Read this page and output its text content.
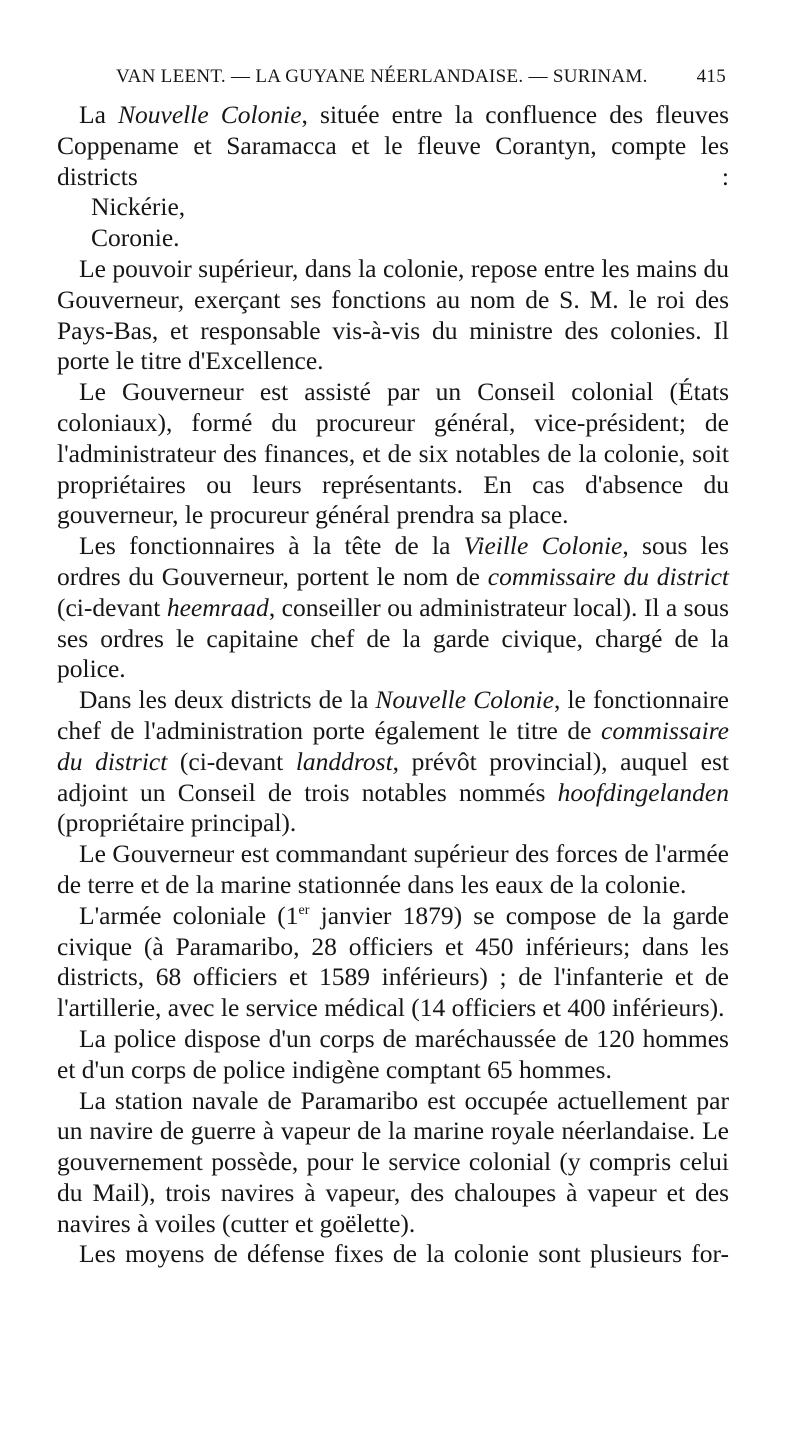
VAN LEENT. — LA GUYANE NÉERLANDAISE. — SURINAM.	415

La Nouvelle Colonie, située entre la confluence des fleuves Coppename et Saramacca et le fleuve Corantyn, compte les districts :

Nickérie,

Coronie.

Le pouvoir supérieur, dans la colonie, repose entre les mains du Gouverneur, exerçant ses fonctions au nom de S. M. le roi des Pays-Bas, et responsable vis-à-vis du ministre des colonies. Il porte le titre d'Excellence.

Le Gouverneur est assisté par un Conseil colonial (États coloniaux), formé du procureur général, vice-président; de l'administrateur des finances, et de six notables de la colonie, soit propriétaires ou leurs représentants. En cas d'absence du gouverneur, le procureur général prendra sa place.

Les fonctionnaires à la tête de la Vieille Colonie, sous les ordres du Gouverneur, portent le nom de commissaire du district (ci-devant heemraad, conseiller ou administrateur local). Il a sous ses ordres le capitaine chef de la garde civique, chargé de la police.

Dans les deux districts de la Nouvelle Colonie, le fonctionnaire chef de l'administration porte également le titre de commissaire du district (ci-devant landdrost, prévôt provincial), auquel est adjoint un Conseil de trois notables nommés hoofdingelanden (propriétaire principal).

Le Gouverneur est commandant supérieur des forces de l'armée de terre et de la marine stationnée dans les eaux de la colonie.

L'armée coloniale (1er janvier 1879) se compose de la garde civique (à Paramaribo, 28 officiers et 450 inférieurs; dans les districts, 68 officiers et 1589 inférieurs) ; de l'infanterie et de l'artillerie, avec le service médical (14 officiers et 400 inférieurs).

La police dispose d'un corps de maréchaussée de 120 hommes et d'un corps de police indigène comptant 65 hommes.

La station navale de Paramaribo est occupée actuellement par un navire de guerre à vapeur de la marine royale néerlandaise. Le gouvernement possède, pour le service colonial (y compris celui du Mail), trois navires à vapeur, des chaloupes à vapeur et des navires à voiles (cutter et goëlette).

Les moyens de défense fixes de la colonie sont plusieurs for-
